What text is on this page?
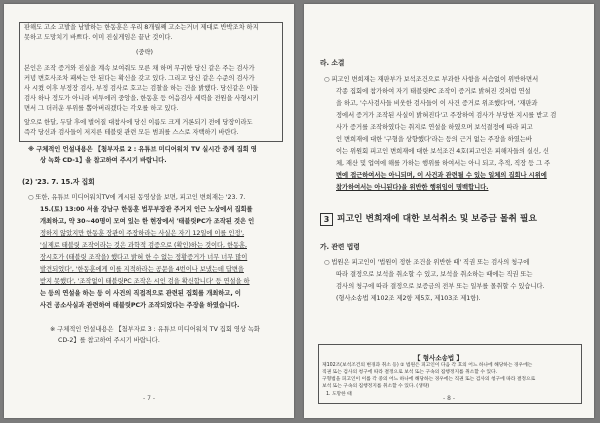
판해도 고소 고발을 남발하는 한동훈은 우리 8개월째 고소는거녀 제대로 반박조차 하지
못하고 도망치기 바쁘다. 이미 진실게임은 끝난 것이다.
(중략)
본인은 조작 증거와 진실을 계속 보여줘도 모른 채 하며 무귀한 당신 같은 주는 검사가
커녕 변호사조차 패싸는 안 된다는 확신을 갖고 있다. 그리고 당신 같은 수준의 검사가
사 시켰 이후 부정장 검사, 부정 검사로 호고는 검찰을 하는 건을 밝했다. 당신같은 이들
검사 하나 정도가 아니라 비투에러 중앙을, 한동훈 등 어음검사 세력을 전원을 사형시키
면서 그 더러운 루위를 뽑아버리겠다는 각오를 하고 있다.
앞으로 한달, 두달 후에 벌어질 대참사에 당신 이름도 크게 거론되기 전에 당장이라도
즉각 당신과 검사들이 저지른 테블릿 관련 모든 범죄를 스스로 자백하기 바란다.
※ 구체적인 언설내용은 【첨부자료 2 : 유튜브 미디어워치 TV 실시간 중계 집회 영
상 녹화 CD-1】을 참고하여 주시기 바랍니다.
(2) '23. 7. 15.자 집회
○ 또한, 유튜브 미디어워치TV에 게시된 동영상을 보면, 피고인 변희재는 '23. 7.
15.(토) 13:00 서울 강남구 한동훈 법무부장관 주거지 인근 노상에서 집회를
개최하고, 약 30~40명이 모여 있는 한 현장에서 '태블릿PC가 조작된 것은 인
정하지 않았지만 한동훈 장관이 주장하라는 사실은 자기 12일에 이를 인정',
'실제로 태블릿 조작이라는 것은 과학적 검증으로 (확인)하는 것이다, 한동훈,
장시호가 (태블릿 조작을) 했다고 밝혀 한 수 없는 정황증거가 너무 너무 많이
발견되었다', '한동훈에게 이를 지적하라는 공문을 4번이나 보냈는데 답변을
받지 못했다', '조작없이 태블릿PC 조작은 시인 검을 확신합니다' 등 연설을 하
는 등의 연설을 하는 등 이 사건의 직접적으로 관련된 집회를 개최하고, 이
사건 공소사실과 관련하여 태블릿PC가 조작되었다는 주장을 하였습니다.
※ 구체적인 언설내용은 【첨부자료 3 : 유튜브 미디어워치 TV 집회 영상 녹화
CD-2】를 참고하여 주시기 바랍니다.
- 7 -
라. 소결
○ 피고인 변희재는 재판부가 보석조건으로 부과한 사항을 서슴없이 위반하면서
각종 집회에 참가하여 자기 태블릿PC 조작이 증거로 밝혀진 것처럼 연설
을 하고, '수사검사들 비웃한 검사들이 이 사건 증거로 위조했다'며, '재판과
정에서 증거가 조작된 사실이 밝혀진다'고 주장하여 검사가 부당한 지시를 받고 검
사가 증거를 조작하였다는 취지로 연설을 하였으며 보석결정에 따라 피고
인 변희재에 대한 '구형을 상향했다'라는 등의 근거 없는 주장을 하였는바
이는 위원회 피고인 변희재에 대한 보석조건 4호(피고인은 피해자들의 실신, 신
체, 재산 및 업여에 해를 가하는 행위를 하여서는 아니 되고, 추적, 직장 등 그 주
변에 접근하여서는 아니되며, 이 사건과 관련될 수 있는 일체의 집회나 시위에
참가하여서는 아니된다)을 위반한 행위임이 명백합니다.
3 피고인 변희재에 대한 보석취소 및 보증금 몰취 필요
가. 관련 법령
○ 법원은 피고인이 '법원이 정한 조건을 위반한 때' 직권 또는 검사의 청구에
따라 결정으로 보석을 취소할 수 있고, 보석을 취소하는 때에는 직권 또는
검사의 청구에 따라 결정으로 보증금의 전부 또는 일부를 몰취할 수 있습니다.
(형사소송법 제102조 제2항 제5호, 제103조 제1항).
【 형사소송법 】
제102조(보석조건의 변경과 취소 등) ② 법원은 피고인이 다음 각 호의 어느 하나에 해당하는 경우에는
직권 또는 검사의 청구에 따라 결정으로 보석 또는 구속의 집행정지를 취소할 수 있다.
구형법을 피고인이 이를 각 중의 어느 하나에 해당하는 경우에는 직권 또는 검사의 청구에 따라 결정으로
보석 또는 구속의 집행정지를 취소할 수 있다. (생략)
1. 도망한 때
- 8 -
